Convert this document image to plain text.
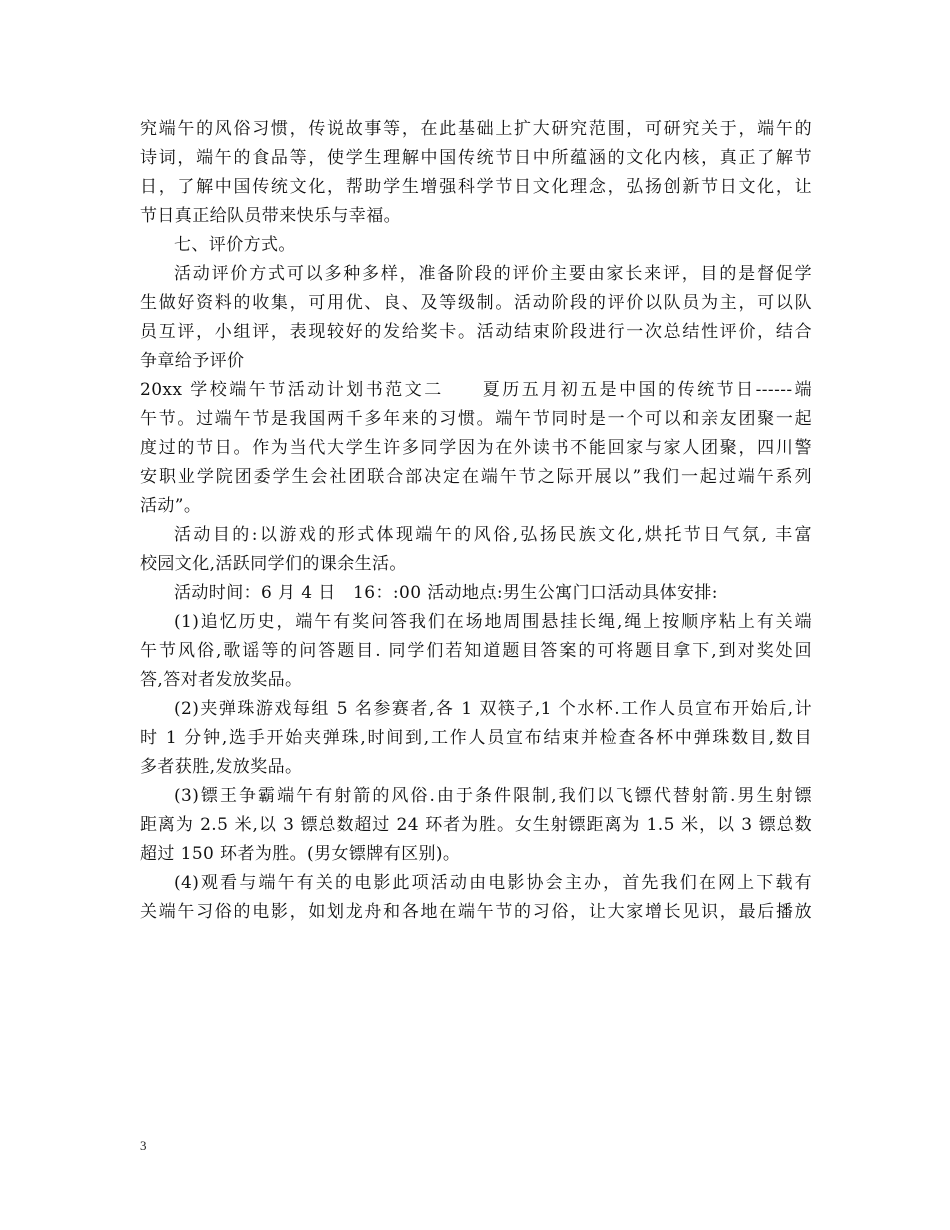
究端午的风俗习惯，传说故事等，在此基础上扩大研究范围，可研究关于，端午的
诗词，端午的食品等，使学生理解中国传统节日中所蕴涵的文化内核，真正了解节
日，了解中国传统文化，帮助学生增强科学节日文化理念，弘扬创新节日文化，让
节日真正给队员带来快乐与幸福。
七、评价方式。
活动评价方式可以多种多样，准备阶段的评价主要由家长来评，目的是督促学
生做好资料的收集，可用优、良、及等级制。活动阶段的评价以队员为主，可以队
员互评，小组评，表现较好的发给奖卡。活动结束阶段进行一次总结性评价，结合
争章给予评价
20xx 学校端午节活动计划书范文二　　夏历五月初五是中国的传统节日------端
午节。过端午节是我国两千多年来的习惯。端午节同时是一个可以和亲友团聚一起
度过的节日。作为当代大学生许多同学因为在外读书不能回家与家人团聚，四川警
安职业学院团委学生会社团联合部决定在端午节之际开展以”我们一起过端午系列
活动”。
活动目的:以游戏的形式体现端午的风俗,弘扬民族文化,烘托节日气氛, 丰富
校园文化,活跃同学们的课余生活。
活动时间：6 月 4 日　16：:00 活动地点:男生公寓门口活动具体安排:
(1)追忆历史，端午有奖问答我们在场地周围悬挂长绳,绳上按顺序粘上有关端
午节风俗,歌谣等的问答题目. 同学们若知道题目答案的可将题目拿下,到对奖处回
答,答对者发放奖品。
(2)夹弹珠游戏每组 5 名参赛者,各 1 双筷子,1 个水杯.工作人员宣布开始后,计
时 1 分钟,选手开始夹弹珠,时间到,工作人员宣布结束并检查各杯中弹珠数目,数目
多者获胜,发放奖品。
(3)镖王争霸端午有射箭的风俗.由于条件限制,我们以飞镖代替射箭.男生射镖
距离为 2.5 米,以 3 镖总数超过 24 环者为胜。女生射镖距离为 1.5 米，以 3 镖总数
超过 150 环者为胜。(男女镖牌有区别)。
(4)观看与端午有关的电影此项活动由电影协会主办，首先我们在网上下载有
关端午习俗的电影，如划龙舟和各地在端午节的习俗，让大家增长见识，最后播放
3
